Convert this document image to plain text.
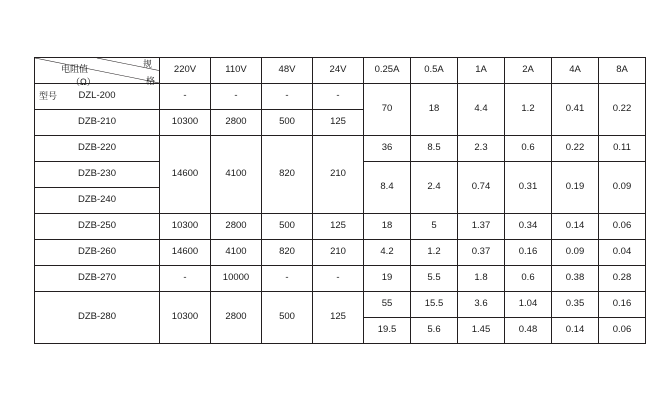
规
格
电阻值
（Ω）
型号	220V	110V	48V	24V	0.25A	0.5A	1A	2A	4A	8A

DZL-200	-	-	-	-	70	18	4.4	1.2	0.41	0.22
DZB-210	10300	2800	500	125						
DZB-220	14600	4100	820	210	36	8.5	2.3	0.6	0.22	0.11
DZB-230					8.4	2.4	0.74	0.31	0.19	0.09
DZB-240										
DZB-250	10300	2800	500	125	18	5	1.37	0.34	0.14	0.06
DZB-260	14600	4100	820	210	4.2	1.2	0.37	0.16	0.09	0.04
DZB-270	-	10000	-	-	19	5.5	1.8	0.6	0.38	0.28
DZB-280	10300	2800	500	125	55	15.5	3.6	1.04	0.35	0.16
					19.5	5.6	1.45	0.48	0.14	0.06
